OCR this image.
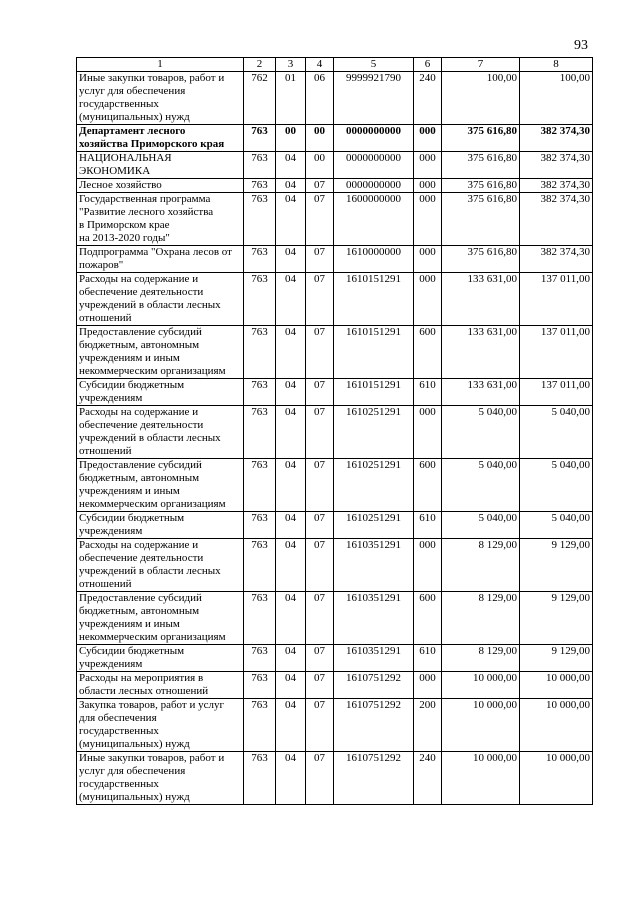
93
1	2	3	4	5	6	7	8

Иные закупки товаров, работ и
услуг для обеспечения
государственных
(муниципальных) нужд	762	01	06	9999921790	240	100,00	100,00

Департамент лесного
хозяйства Приморского края	763	00	00	0000000000	000	375 616,80	382 374,30

НАЦИОНАЛЬНАЯ
ЭКОНОМИКА	763	04	00	0000000000	000	375 616,80	382 374,30

Лесное хозяйство	763	04	07	0000000000	000	375 616,80	382 374,30

Государственная программа
"Развитие лесного хозяйства
в Приморском крае
на 2013-2020 годы"	763	04	07	1600000000	000	375 616,80	382 374,30

Подпрограмма "Охрана лесов от
пожаров"	763	04	07	1610000000	000	375 616,80	382 374,30

Расходы на содержание и
обеспечение деятельности
учреждений в области лесных
отношений	763	04	07	1610151291	000	133 631,00	137 011,00

Предоставление субсидий
бюджетным, автономным
учреждениям и иным
некоммерческим организациям	763	04	07	1610151291	600	133 631,00	137 011,00

Субсидии бюджетным
учреждениям	763	04	07	1610151291	610	133 631,00	137 011,00

Расходы на содержание и
обеспечение деятельности
учреждений в области лесных
отношений	763	04	07	1610251291	000	5 040,00	5 040,00

Предоставление субсидий
бюджетным, автономным
учреждениям и иным
некоммерческим организациям	763	04	07	1610251291	600	5 040,00	5 040,00

Субсидии бюджетным
учреждениям	763	04	07	1610251291	610	5 040,00	5 040,00

Расходы на содержание и
обеспечение деятельности
учреждений в области лесных
отношений	763	04	07	1610351291	000	8 129,00	9 129,00

Предоставление субсидий
бюджетным, автономным
учреждениям и иным
некоммерческим организациям	763	04	07	1610351291	600	8 129,00	9 129,00

Субсидии бюджетным
учреждениям	763	04	07	1610351291	610	8 129,00	9 129,00

Расходы на мероприятия в
области лесных отношений	763	04	07	1610751292	000	10 000,00	10 000,00

Закупка товаров, работ и услуг
для обеспечения
государственных
(муниципальных) нужд	763	04	07	1610751292	200	10 000,00	10 000,00

Иные закупки товаров, работ и
услуг для обеспечения
государственных
(муниципальных) нужд	763	04	07	1610751292	240	10 000,00	10 000,00
